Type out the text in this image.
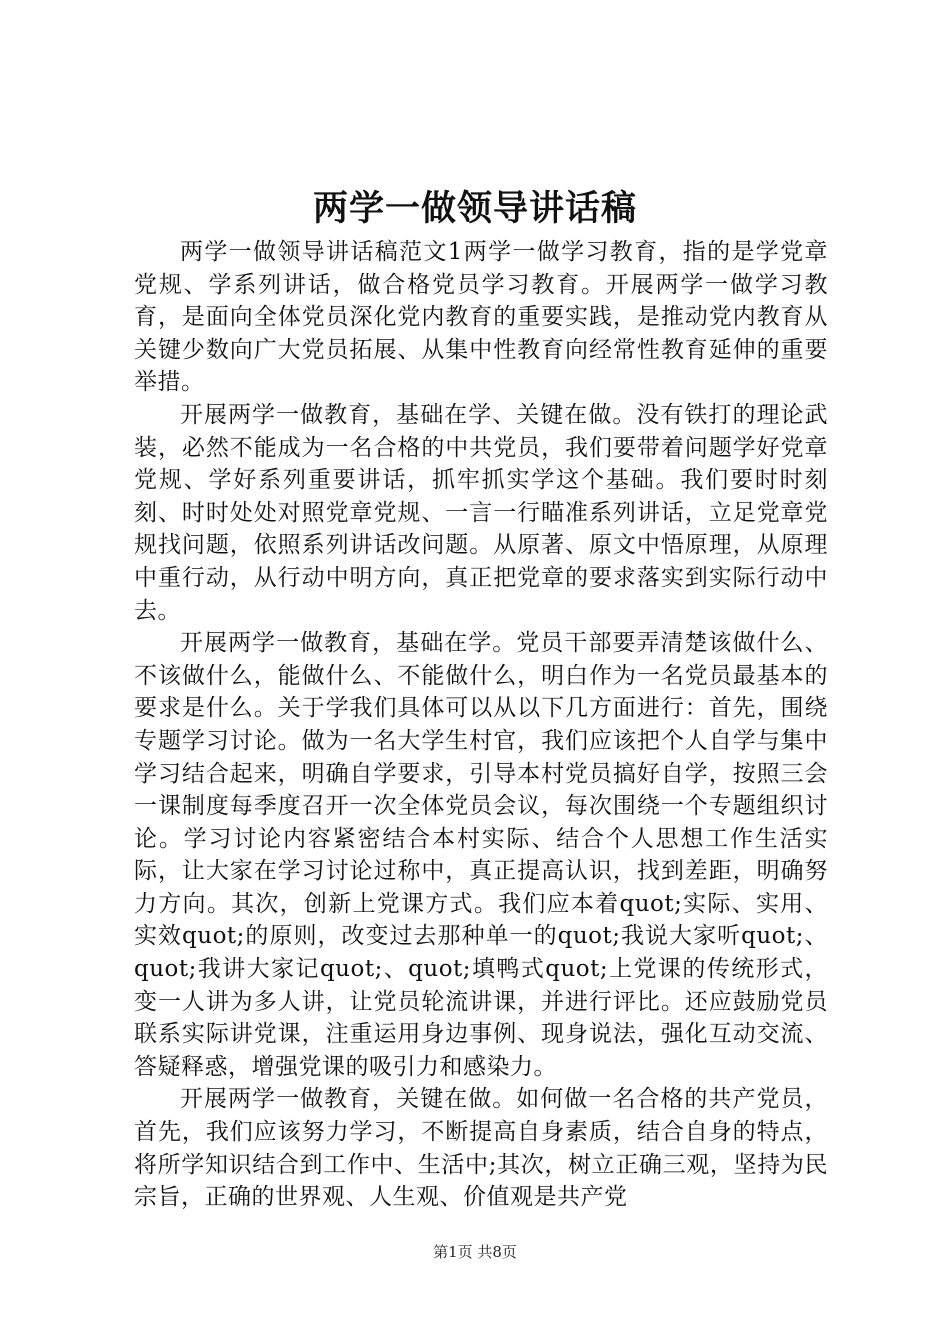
两学一做领导讲话稿

两学一做领导讲话稿范文1两学一做学习教育，指的是学党章党规、学系列讲话，做合格党员学习教育。开展两学一做学习教育，是面向全体党员深化党内教育的重要实践，是推动党内教育从关键少数向广大党员拓展、从集中性教育向经常性教育延伸的重要举措。

开展两学一做教育，基础在学、关键在做。没有铁打的理论武装，必然不能成为一名合格的中共党员，我们要带着问题学好党章党规、学好系列重要讲话，抓牢抓实学这个基础。我们要时时刻刻、时时处处对照党章党规、一言一行瞄准系列讲话，立足党章党规找问题，依照系列讲话改问题。从原著、原文中悟原理，从原理中重行动，从行动中明方向，真正把党章的要求落实到实际行动中去。

开展两学一做教育，基础在学。党员干部要弄清楚该做什么、不该做什么，能做什么、不能做什么，明白作为一名党员最基本的要求是什么。关于学我们具体可以从以下几方面进行：首先，围绕专题学习讨论。做为一名大学生村官，我们应该把个人自学与集中学习结合起来，明确自学要求，引导本村党员搞好自学，按照三会一课制度每季度召开一次全体党员会议，每次围绕一个专题组织讨论。学习讨论内容紧密结合本村实际、结合个人思想工作生活实际，让大家在学习讨论过称中，真正提高认识，找到差距，明确努力方向。其次，创新上党课方式。我们应本着quot;实际、实用、实效quot;的原则，改变过去那种单一的quot;我说大家听quot;、quot;我讲大家记quot;、quot;填鸭式quot;上党课的传统形式，变一人讲为多人讲，让党员轮流讲课，并进行评比。还应鼓励党员联系实际讲党课，注重运用身边事例、现身说法，强化互动交流、答疑释惑，增强党课的吸引力和感染力。

开展两学一做教育，关键在做。如何做一名合格的共产党员，首先，我们应该努力学习，不断提高自身素质，结合自身的特点，将所学知识结合到工作中、生活中;其次，树立正确三观，坚持为民宗旨，正确的世界观、人生观、价值观是共产党

第1页 共8页
